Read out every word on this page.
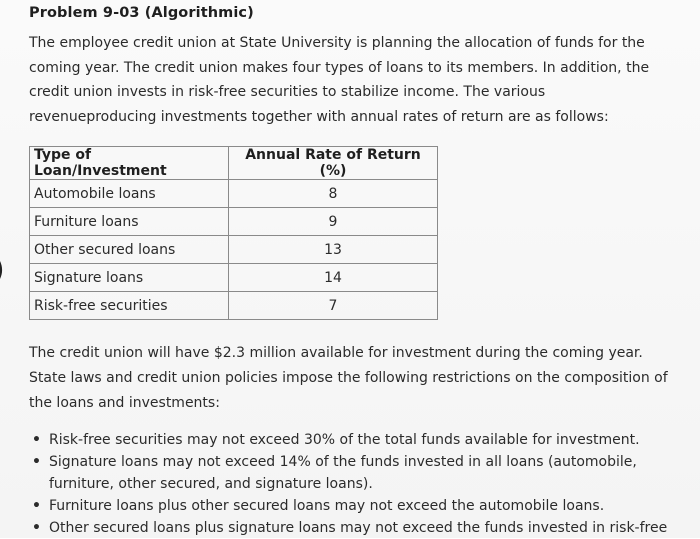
Problem 9-03 (Algorithmic)
The employee credit union at State University is planning the allocation of funds for the coming year. The credit union makes four types of loans to its members. In addition, the credit union invests in risk-free securities to stabilize income. The various revenueproducing investments together with annual rates of return are as follows:
Type of Loan/Investment	Annual Rate of Return (%)
Automobile loans	8
Furniture loans	9
Other secured loans	13
Signature loans	14
Risk-free securities	7
The credit union will have $2.3 million available for investment during the coming year. State laws and credit union policies impose the following restrictions on the composition of the loans and investments:
• Risk-free securities may not exceed 30% of the total funds available for investment.
• Signature loans may not exceed 14% of the funds invested in all loans (automobile, furniture, other secured, and signature loans).
• Furniture loans plus other secured loans may not exceed the automobile loans.
• Other secured loans plus signature loans may not exceed the funds invested in risk-free
